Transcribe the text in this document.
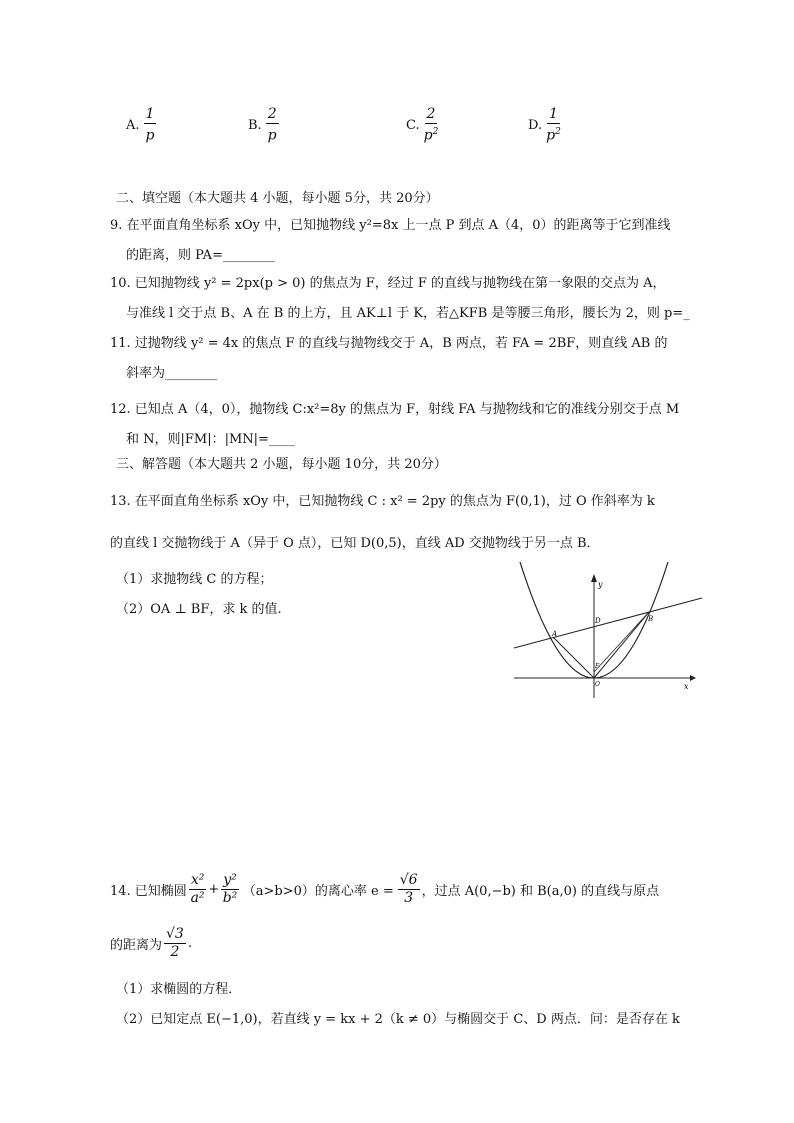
A. $\frac{1}{p}$	B. $\frac{2}{p}$	C. $\frac{2}{p^2}$	D. $\frac{1}{p^2}$
二、填空题（本大题共 4 小题，每小题 5分，共 20分）
9. 在平面直角坐标系 xOy 中，已知抛物线 y²=8x 上一点 P 到点 A（4，0）的距离等于它到准线
的距离，则 PA=________
10. 已知抛物线 y² = 2px(p > 0) 的焦点为 F，经过 F 的直线与抛物线在第一象限的交点为 A，
与准线 l 交于点 B、A 在 B 的上方，且 AK⊥l 于 K，若△KFB 是等腰三角形，腰长为 2，则 p=_
11. 过抛物线 y² = 4x 的焦点 F 的直线与抛物线交于 A，B 两点，若 FA = 2BF，则直线 AB 的
斜率为________
12. 已知点 A（4，0），抛物线 C:x²=8y 的焦点为 F，射线 FA 与抛物线和它的准线分别交于点 M
和 N，则|FM|：|MN|=____
三、解答题（本大题共 2 小题，每小题 10分，共 20分）
13. 在平面直角坐标系 xOy 中，已知抛物线 C : x² = 2py 的焦点为 F(0,1)，过 O 作斜率为 k
的直线 l 交抛物线于 A（异于 O 点），已知 D(0,5)，直线 AD 交抛物线于另一点 B．
（1）求抛物线 C 的方程；
（2）OA ⊥ BF，求 k 的值.
y
x
A
B
D
F
O
14. 已知椭圆 $\frac{\text{x²}}{\text{a²}} + \frac{\text{y²}}{\text{b²}} (a>b>0)$的离心率 $e = \frac{√6}{3}$ ，过点 A(0,−b) 和 B(a,0) 的直线与原点
的距离为 $\frac{√3}{2}$ .
（1）求椭圆的方程．
（2）已知定点 E(−1,0)，若直线 y = kx + 2（k ≠ 0）与椭圆交于 C、D 两点．问：是否存在 k
